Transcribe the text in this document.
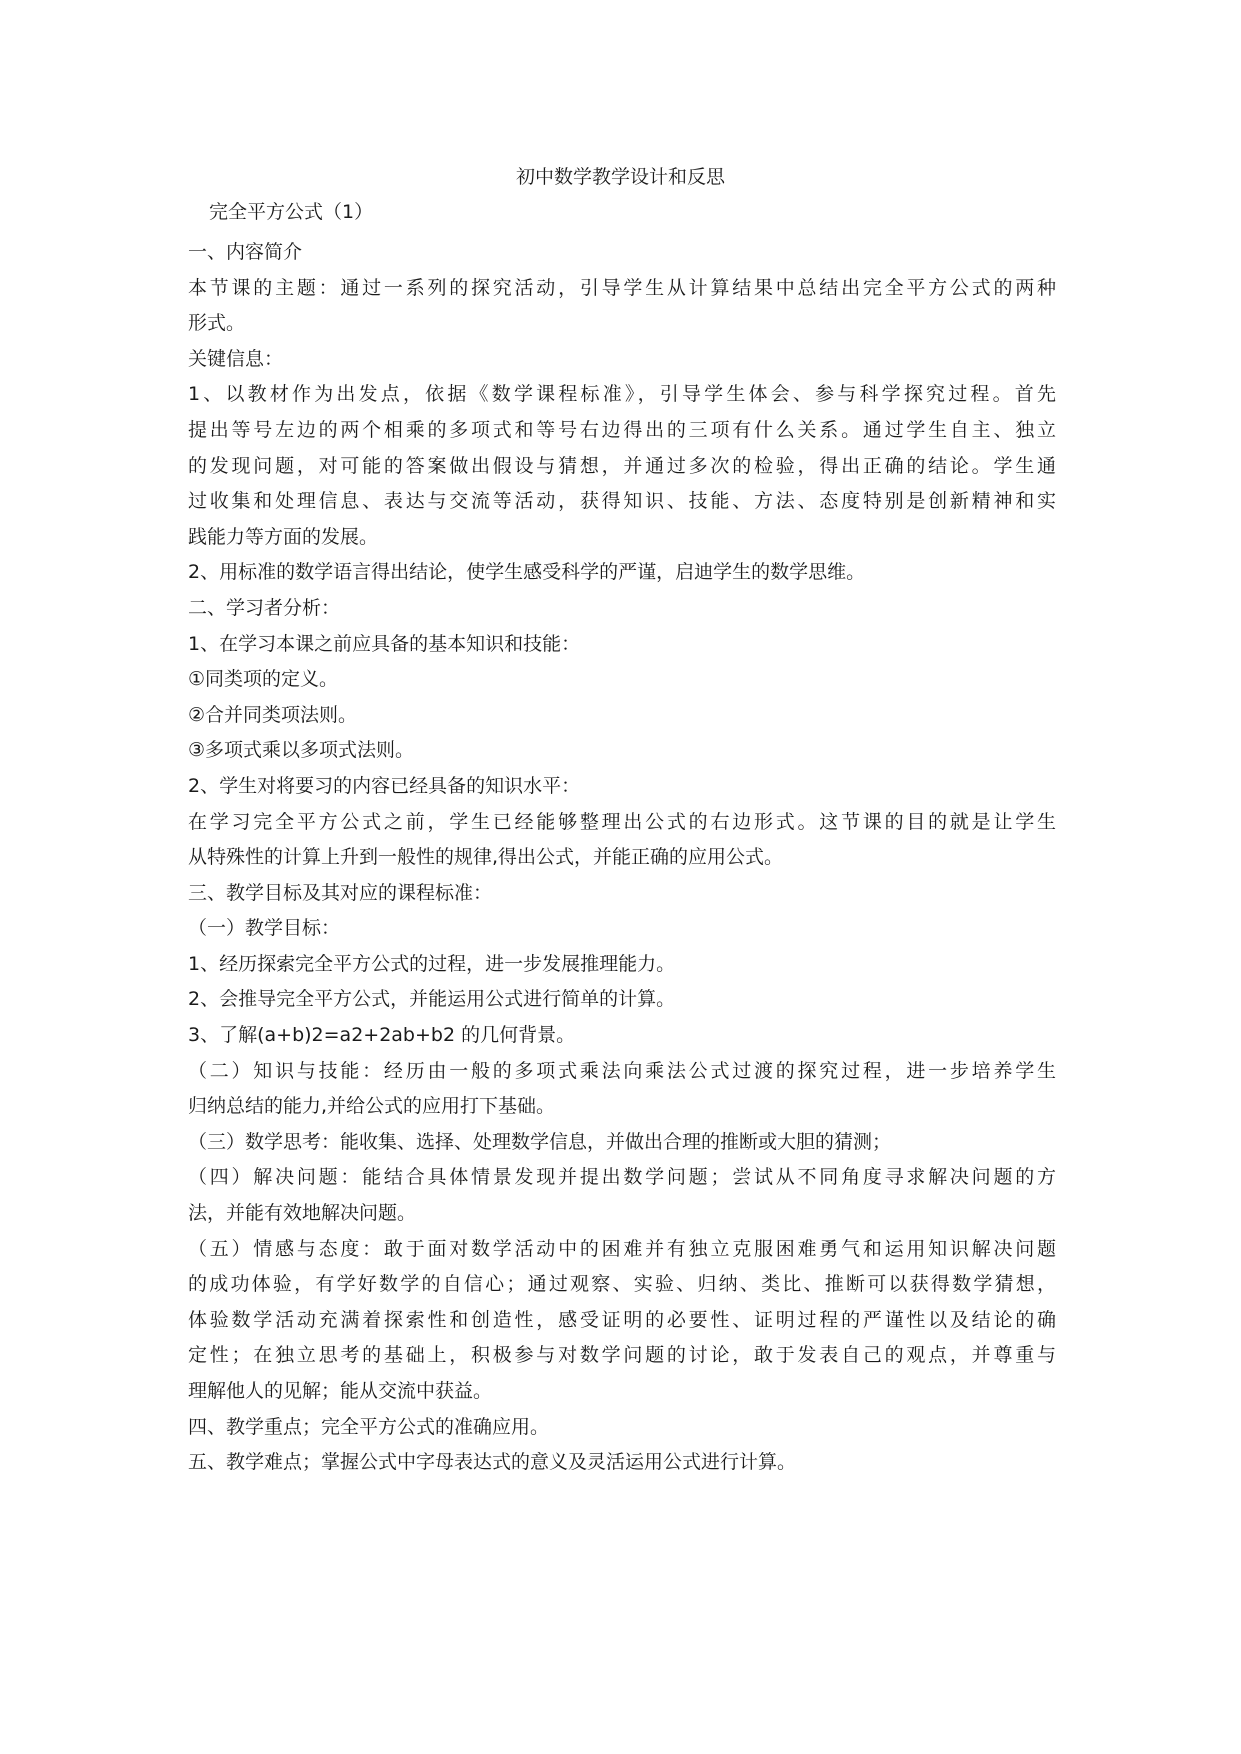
初中数学教学设计和反思
完全平方公式（1）
一、内容简介
本节课的主题：通过一系列的探究活动，引导学生从计算结果中总结出完全平方公式的两种
形式。
关键信息：
1、以教材作为出发点，依据《数学课程标准》，引导学生体会、参与科学探究过程。首先
提出等号左边的两个相乘的多项式和等号右边得出的三项有什么关系。通过学生自主、独立
的发现问题，对可能的答案做出假设与猜想，并通过多次的检验，得出正确的结论。学生通
过收集和处理信息、表达与交流等活动，获得知识、技能、方法、态度特别是创新精神和实
践能力等方面的发展。
2、用标准的数学语言得出结论，使学生感受科学的严谨，启迪学生的数学思维。
二、学习者分析：
1、在学习本课之前应具备的基本知识和技能：
①同类项的定义。
②合并同类项法则。
③多项式乘以多项式法则。
2、学生对将要习的内容已经具备的知识水平：
在学习完全平方公式之前，学生已经能够整理出公式的右边形式。这节课的目的就是让学生
从特殊性的计算上升到一般性的规律,得出公式，并能正确的应用公式。
三、教学目标及其对应的课程标准：
（一）教学目标：
1、经历探索完全平方公式的过程，进一步发展推理能力。
2、会推导完全平方公式，并能运用公式进行简单的计算。
3、了解(a+b)2=a2+2ab+b2 的几何背景。
（二）知识与技能：经历由一般的多项式乘法向乘法公式过渡的探究过程，进一步培养学生
归纳总结的能力,并给公式的应用打下基础。
（三）数学思考：能收集、选择、处理数学信息，并做出合理的推断或大胆的猜测；
（四）解决问题：能结合具体情景发现并提出数学问题；尝试从不同角度寻求解决问题的方
法，并能有效地解决问题。
（五）情感与态度：敢于面对数学活动中的困难并有独立克服困难勇气和运用知识解决问题
的成功体验，有学好数学的自信心；通过观察、实验、归纳、类比、推断可以获得数学猜想，
体验数学活动充满着探索性和创造性，感受证明的必要性、证明过程的严谨性以及结论的确
定性；在独立思考的基础上，积极参与对数学问题的讨论，敢于发表自己的观点，并尊重与
理解他人的见解；能从交流中获益。
四、教学重点；完全平方公式的准确应用。
五、教学难点；掌握公式中字母表达式的意义及灵活运用公式进行计算。
